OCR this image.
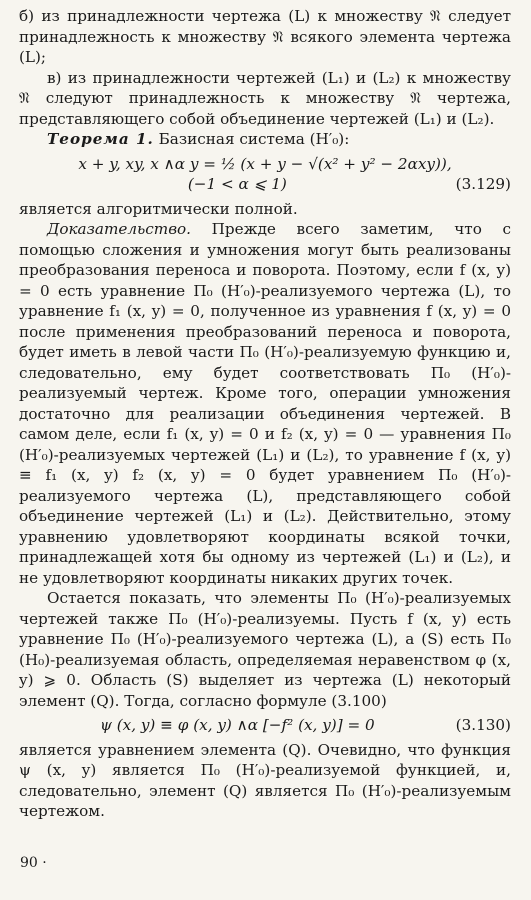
б) из принадлежности чертежа (L) к множеству 𝔑 следует принадлежность к множеству 𝔑 всякого элемента чертежа (L);

в) из принадлежности чертежей (L₁) и (L₂) к множеству 𝔑 следуют принадлежность к множеству 𝔑 чертежа, представляющего собой объединение чертежей (L₁) и (L₂).

Теорема 1. Базисная система (H′₀):

x + y, xy, x ∧α y = ½ (x + y − √(x² + y² − 2αxy)),
(−1 < α ⩽ 1)	(3.129)

является алгоритмически полной.

Доказательство. Прежде всего заметим, что с помощью сложения и умножения могут быть реализованы преобразования переноса и поворота. Поэтому, если f (x, y) = 0 есть уравнение П₀ (H′₀)-реализуемого чертежа (L), то уравнение f₁ (x, y) = 0, полученное из уравнения f (x, y) = 0 после применения преобразований переноса и поворота, будет иметь в левой части П₀ (H′₀)-реализуемую функцию и, следовательно, ему будет соответствовать П₀ (H′₀)-реализуемый чертеж. Кроме того, операции умножения достаточно для реализации объединения чертежей. В самом деле, если f₁ (x, y) = 0 и f₂ (x, y) = 0 — уравнения П₀ (H′₀)-реализуемых чертежей (L₁) и (L₂), то уравнение f (x, y) ≡ f₁ (x, y) f₂ (x, y) = 0 будет уравнением П₀ (H′₀)-реализуемого чертежа (L), представляющего собой объединение чертежей (L₁) и (L₂). Действительно, этому уравнению удовлетворяют координаты всякой точки, принадлежащей хотя бы одному из чертежей (L₁) и (L₂), и не удовлетворяют координаты никаких других точек.

Остается показать, что элементы П₀ (H′₀)-реализуемых чертежей также П₀ (H′₀)-реализуемы. Пусть f (x, y) есть уравнение П₀ (H′₀)-реализуемого чертежа (L), а (S) есть П₀ (H₀)-реализуемая область, определяемая неравенством φ (x, y) ⩾ 0. Область (S) выделяет из чертежа (L) некоторый элемент (Q). Тогда, согласно формуле (3.100)

ψ (x, y) ≡ φ (x, y) ∧α [−f² (x, y)] = 0	(3.130)

является уравнением элемента (Q). Очевидно, что функция ψ (x, y) является П₀ (H′₀)-реализуемой функцией, и, следовательно, элемент (Q) является П₀ (H′₀)-реализуемым чертежом.

90 ·
